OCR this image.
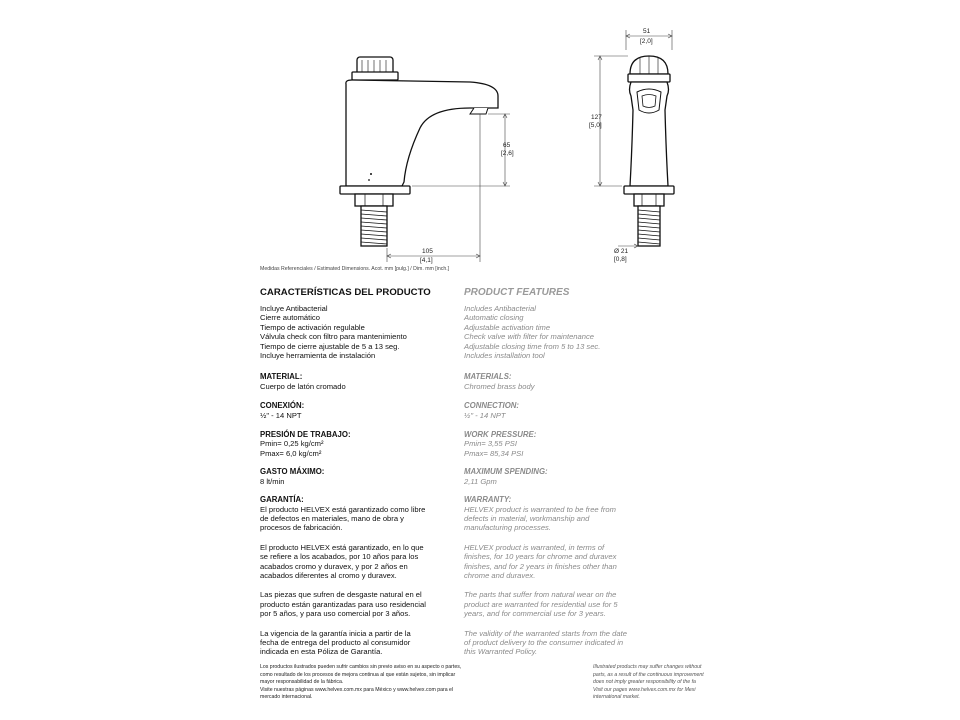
65
[2,6]
105
[4,1]
51
[2,0]
127
[5,0]
Ø 21
[0,8]
Medidas Referenciales / Estimated Dimensions. Acot. mm [pulg.] / Dim. mm [inch.]
CARACTERÍSTICAS DEL PRODUCTO
Incluye Antibacterial
Cierre automático
Tiempo de activación regulable
Válvula check con filtro para mantenimiento
Tiempo de cierre ajustable de 5 a 13 seg.
Incluye herramienta de instalación
MATERIAL:
Cuerpo de latón cromado
CONEXIÓN:
½" - 14 NPT
PRESIÓN DE TRABAJO:
Pmin= 0,25 kg/cm²
Pmax= 6,0 kg/cm²
GASTO MÁXIMO:
8 lt/min
GARANTÍA:
El producto HELVEX está garantizado como libre
de defectos en materiales, mano de obra y
procesos de fabricación.
El producto HELVEX está garantizado, en lo que
se refiere a los acabados, por 10 años para los
acabados cromo y duravex, y por 2 años en
acabados diferentes al cromo y duravex.
Las piezas que sufren de desgaste natural en el
producto están garantizadas para uso residencial
por 5 años, y para uso comercial por 3 años.
La vigencia de la garantía inicia a partir de la
fecha de entrega del producto al consumidor
indicada en esta Póliza de Garantía.
PRODUCT FEATURES
Includes Antibacterial
Automatic closing
Adjustable activation time
Check valve with filter for maintenance
Adjustable closing time from 5 to 13 sec.
Includes installation tool
MATERIALS:
Chromed brass body
CONNECTION:
½" - 14 NPT
WORK PRESSURE:
Pmin= 3,55 PSI
Pmax= 85,34 PSI
MAXIMUM SPENDING:
2,11 Gpm
WARRANTY:
HELVEX product is warranted to be free from
defects in material, workmanship and
manufacturing processes.
HELVEX product is warranted, in terms of
finishes, for 10 years for chrome and duravex
finishes, and for 2 years in finishes other than
chrome and duravex.
The parts that suffer from natural wear on the
product are warranted for residential use for 5
years, and for commercial use for 3 years.
The validity of the warranted starts from the date
of product delivery to the consumer indicated in
this Warranted Policy.
Los productos ilustrados pueden sufrir cambios sin previo aviso en su aspecto o partes,
como resultado de los procesos de mejora continua al que están sujetos, sin implicar
mayor responsabilidad de la fábrica.
Visite nuestras páginas www.helvex.com.mx para México y www.helvex.com para el
mercado internacional.
Illustrated products may suffer changes without
parts, as a result of the continuous improvement
does not imply greater responsibility of the fa
Visit our pages www.helvex.com.mx for Mexi
international market.
